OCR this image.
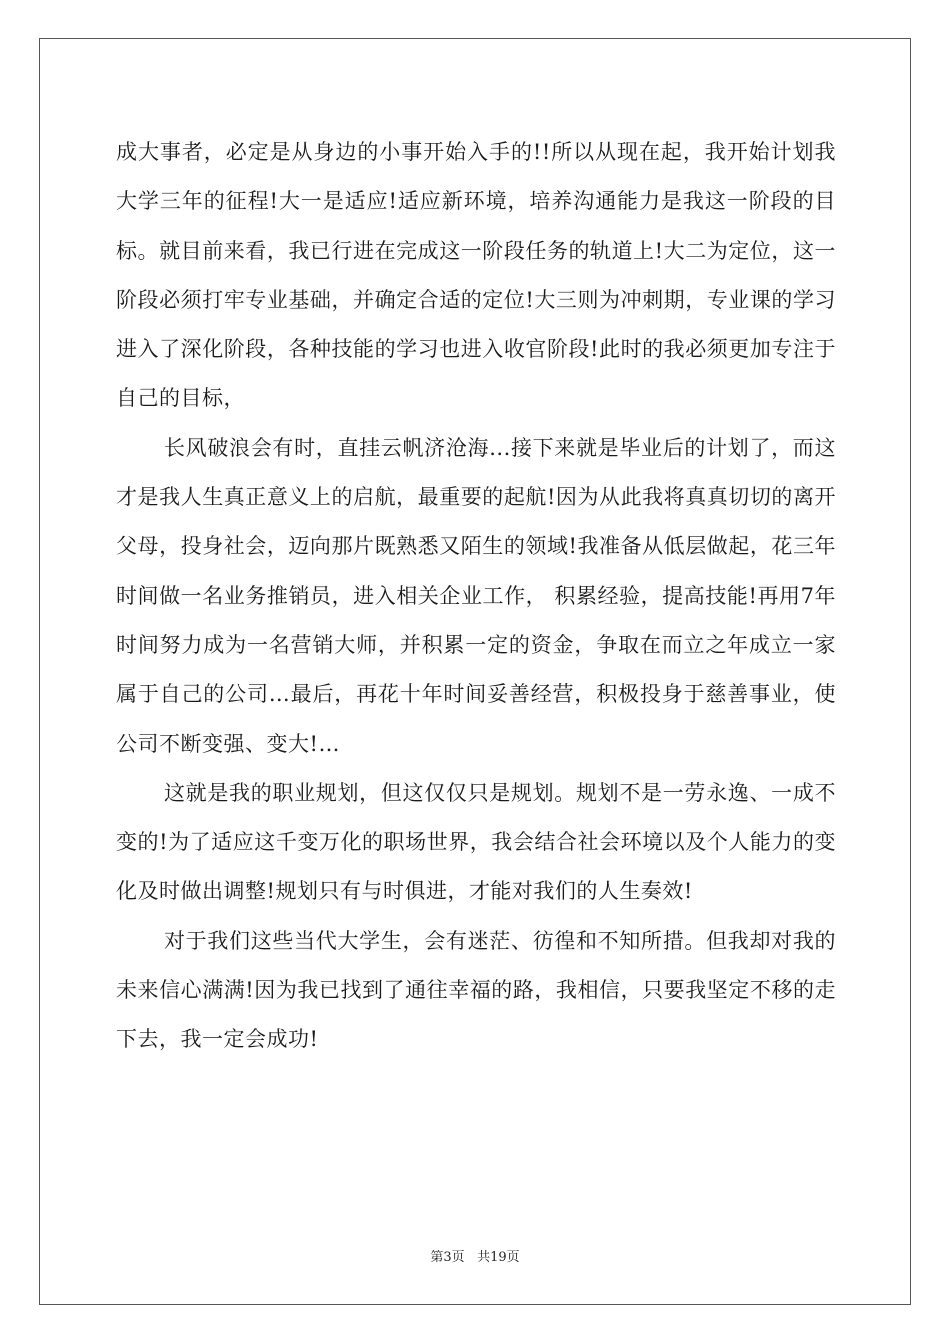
成大事者，必定是从身边的小事开始入手的!!所以从现在起，我开始计划我大学三年的征程!大一是适应!适应新环境，培养沟通能力是我这一阶段的目标。就目前来看，我已行进在完成这一阶段任务的轨道上!大二为定位，这一阶段必须打牢专业基础，并确定合适的定位!大三则为冲刺期，专业课的学习进入了深化阶段，各种技能的学习也进入收官阶段!此时的我必须更加专注于自己的目标，

长风破浪会有时，直挂云帆济沧海...接下来就是毕业后的计划了，而这才是我人生真正意义上的启航，最重要的起航!因为从此我将真真切切的离开父母，投身社会，迈向那片既熟悉又陌生的领域!我准备从低层做起，花三年时间做一名业务推销员，进入相关企业工作， 积累经验，提高技能!再用7年时间努力成为一名营销大师，并积累一定的资金，争取在而立之年成立一家属于自己的公司…最后，再花十年时间妥善经营，积极投身于慈善事业，使公司不断变强、变大!…

这就是我的职业规划，但这仅仅只是规划。规划不是一劳永逸、一成不变的!为了适应这千变万化的职场世界，我会结合社会环境以及个人能力的变化及时做出调整!规划只有与时俱进，才能对我们的人生奏效!

对于我们这些当代大学生，会有迷茫、彷徨和不知所措。但我却对我的未来信心满满!因为我已找到了通往幸福的路，我相信，只要我坚定不移的走下去，我一定会成功!

第3页 共19页
